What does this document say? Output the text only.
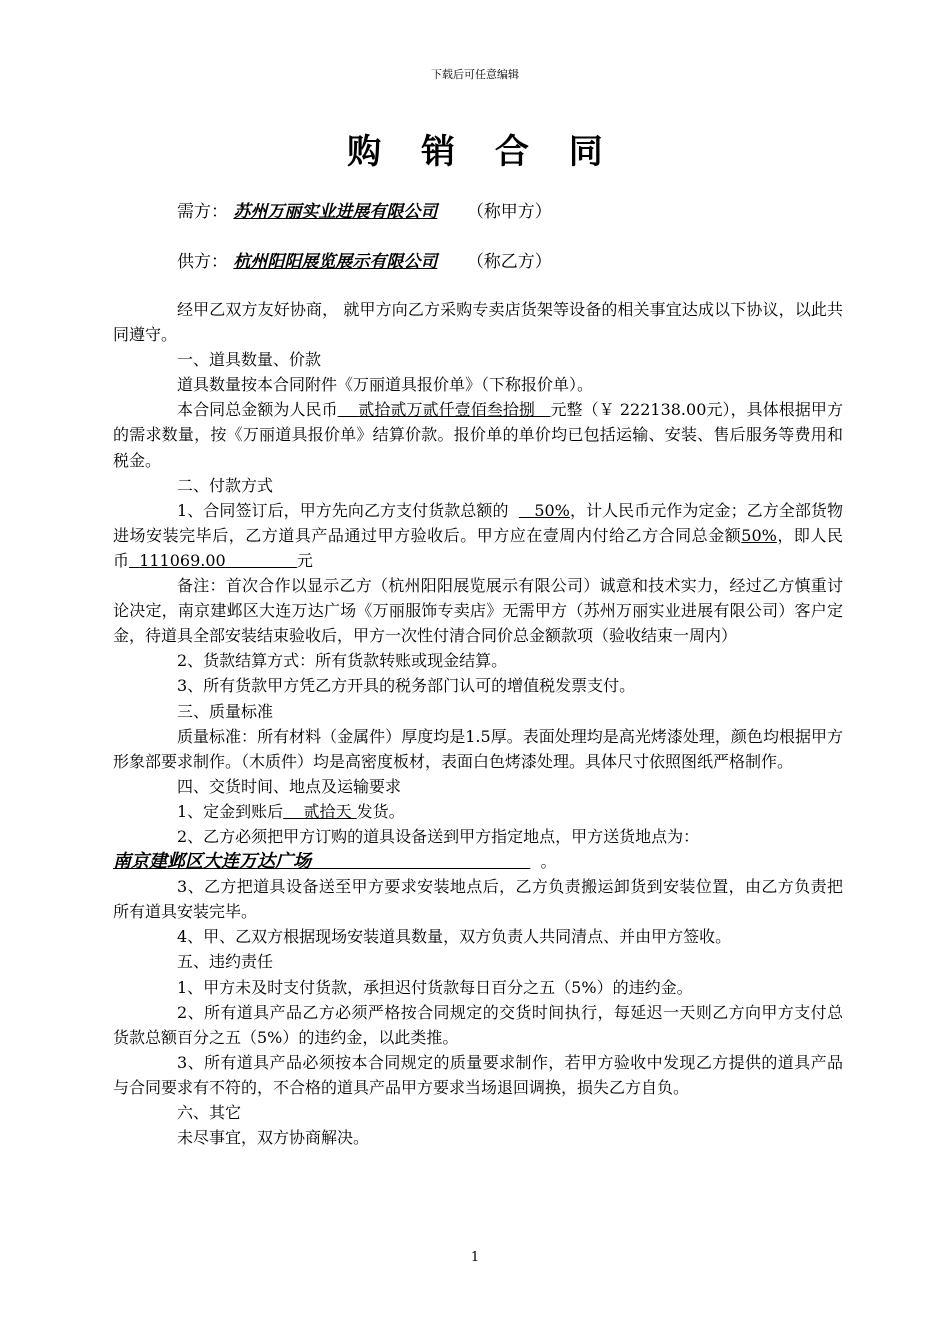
下载后可任意编辑
购 销 合 同
需方： 苏州万丽实业进展有限公司 （称甲方）
供方： 杭州阳阳展览展示有限公司 （称乙方）

经甲乙双方友好协商， 就甲方向乙方采购专卖店货架等设备的相关事宜达成以下协议，以此共同遵守。

一、道具数量、价款

道具数量按本合同附件《万丽道具报价单》（下称报价单）。

本合同总金额为人民币 贰拾贰万贰仟壹佰叁拾捌 元整（￥ 222138.00元），具体根据甲方的需求数量，按《万丽道具报价单》结算价款。报价单的单价均已包括运输、安装、售后服务等费用和税金。

二、付款方式

1、合同签订后，甲方先向乙方支付货款总额的 50%，计人民币元作为定金；乙方全部货物进场安装完毕后，乙方道具产品通过甲方验收后。甲方应在壹周内付给乙方合同总金额50%，即人民币 111069.00	元

备注：首次合作以显示乙方（杭州阳阳展览展示有限公司）诚意和技术实力，经过乙方慎重讨论决定，南京建邺区大连万达广场《万丽服饰专卖店》无需甲方（苏州万丽实业进展有限公司）客户定金，待道具全部安装结束验收后，甲方一次性付清合同价总金额款项（验收结束一周内）

2、货款结算方式：所有货款转账或现金结算。

3、所有货款甲方凭乙方开具的税务部门认可的增值税发票支付。

三、质量标准

质量标准：所有材料（金属件）厚度均是1.5厚。表面处理均是高光烤漆处理，颜色均根据甲方形象部要求制作。（木质件）均是高密度板材，表面白色烤漆处理。具体尺寸依照图纸严格制作。

四、交货时间、地点及运输要求

1、定金到账后 贰拾天 发货。

2、乙方必须把甲方订购的道具设备送到甲方指定地点，甲方送货地点为：

南京建邺区大连万达广场	。

3、乙方把道具设备送至甲方要求安装地点后，乙方负责搬运卸货到安装位置，由乙方负责把所有道具安装完毕。

4、甲、乙双方根据现场安装道具数量，双方负责人共同清点、并由甲方签收。

五、违约责任

1、甲方未及时支付货款，承担迟付货款每日百分之五（5%）的违约金。

2、所有道具产品乙方必须严格按合同规定的交货时间执行，每延迟一天则乙方向甲方支付总货款总额百分之五（5%）的违约金，以此类推。

3、所有道具产品必须按本合同规定的质量要求制作，若甲方验收中发现乙方提供的道具产品与合同要求有不符的，不合格的道具产品甲方要求当场退回调换，损失乙方自负。

六、其它

未尽事宜，双方协商解决。

1
